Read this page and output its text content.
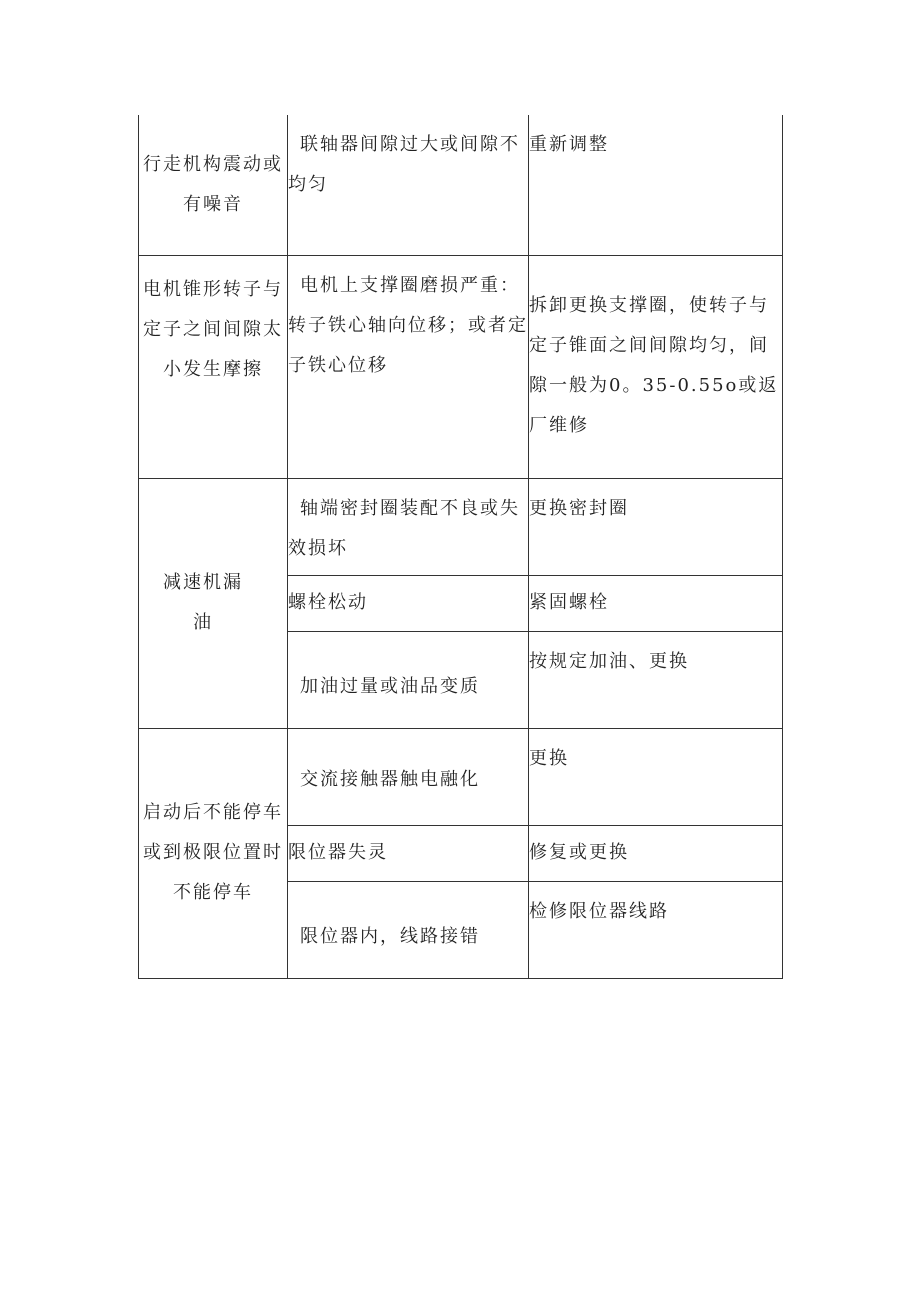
行走机构震动或有噪音	联轴器间隙过大或间隙不均匀	重新调整
电机锥形转子与定子之间间隙太小发生摩擦	电机上支撑圈磨损严重：转子铁心轴向位移；或者定子铁心位移	拆卸更换支撑圈，使转子与定子锥面之间间隙均匀，间隙一般为0。35-0.55o或返厂维修
减速机漏油	轴端密封圈装配不良或失效损坏	更换密封圈
	螺栓松动	紧固螺栓
	加油过量或油品变质	按规定加油、更换
启动后不能停车或到极限位置时不能停车	交流接触器触电融化	更换
	限位器失灵	修复或更换
	限位器内，线路接错	检修限位器线路
